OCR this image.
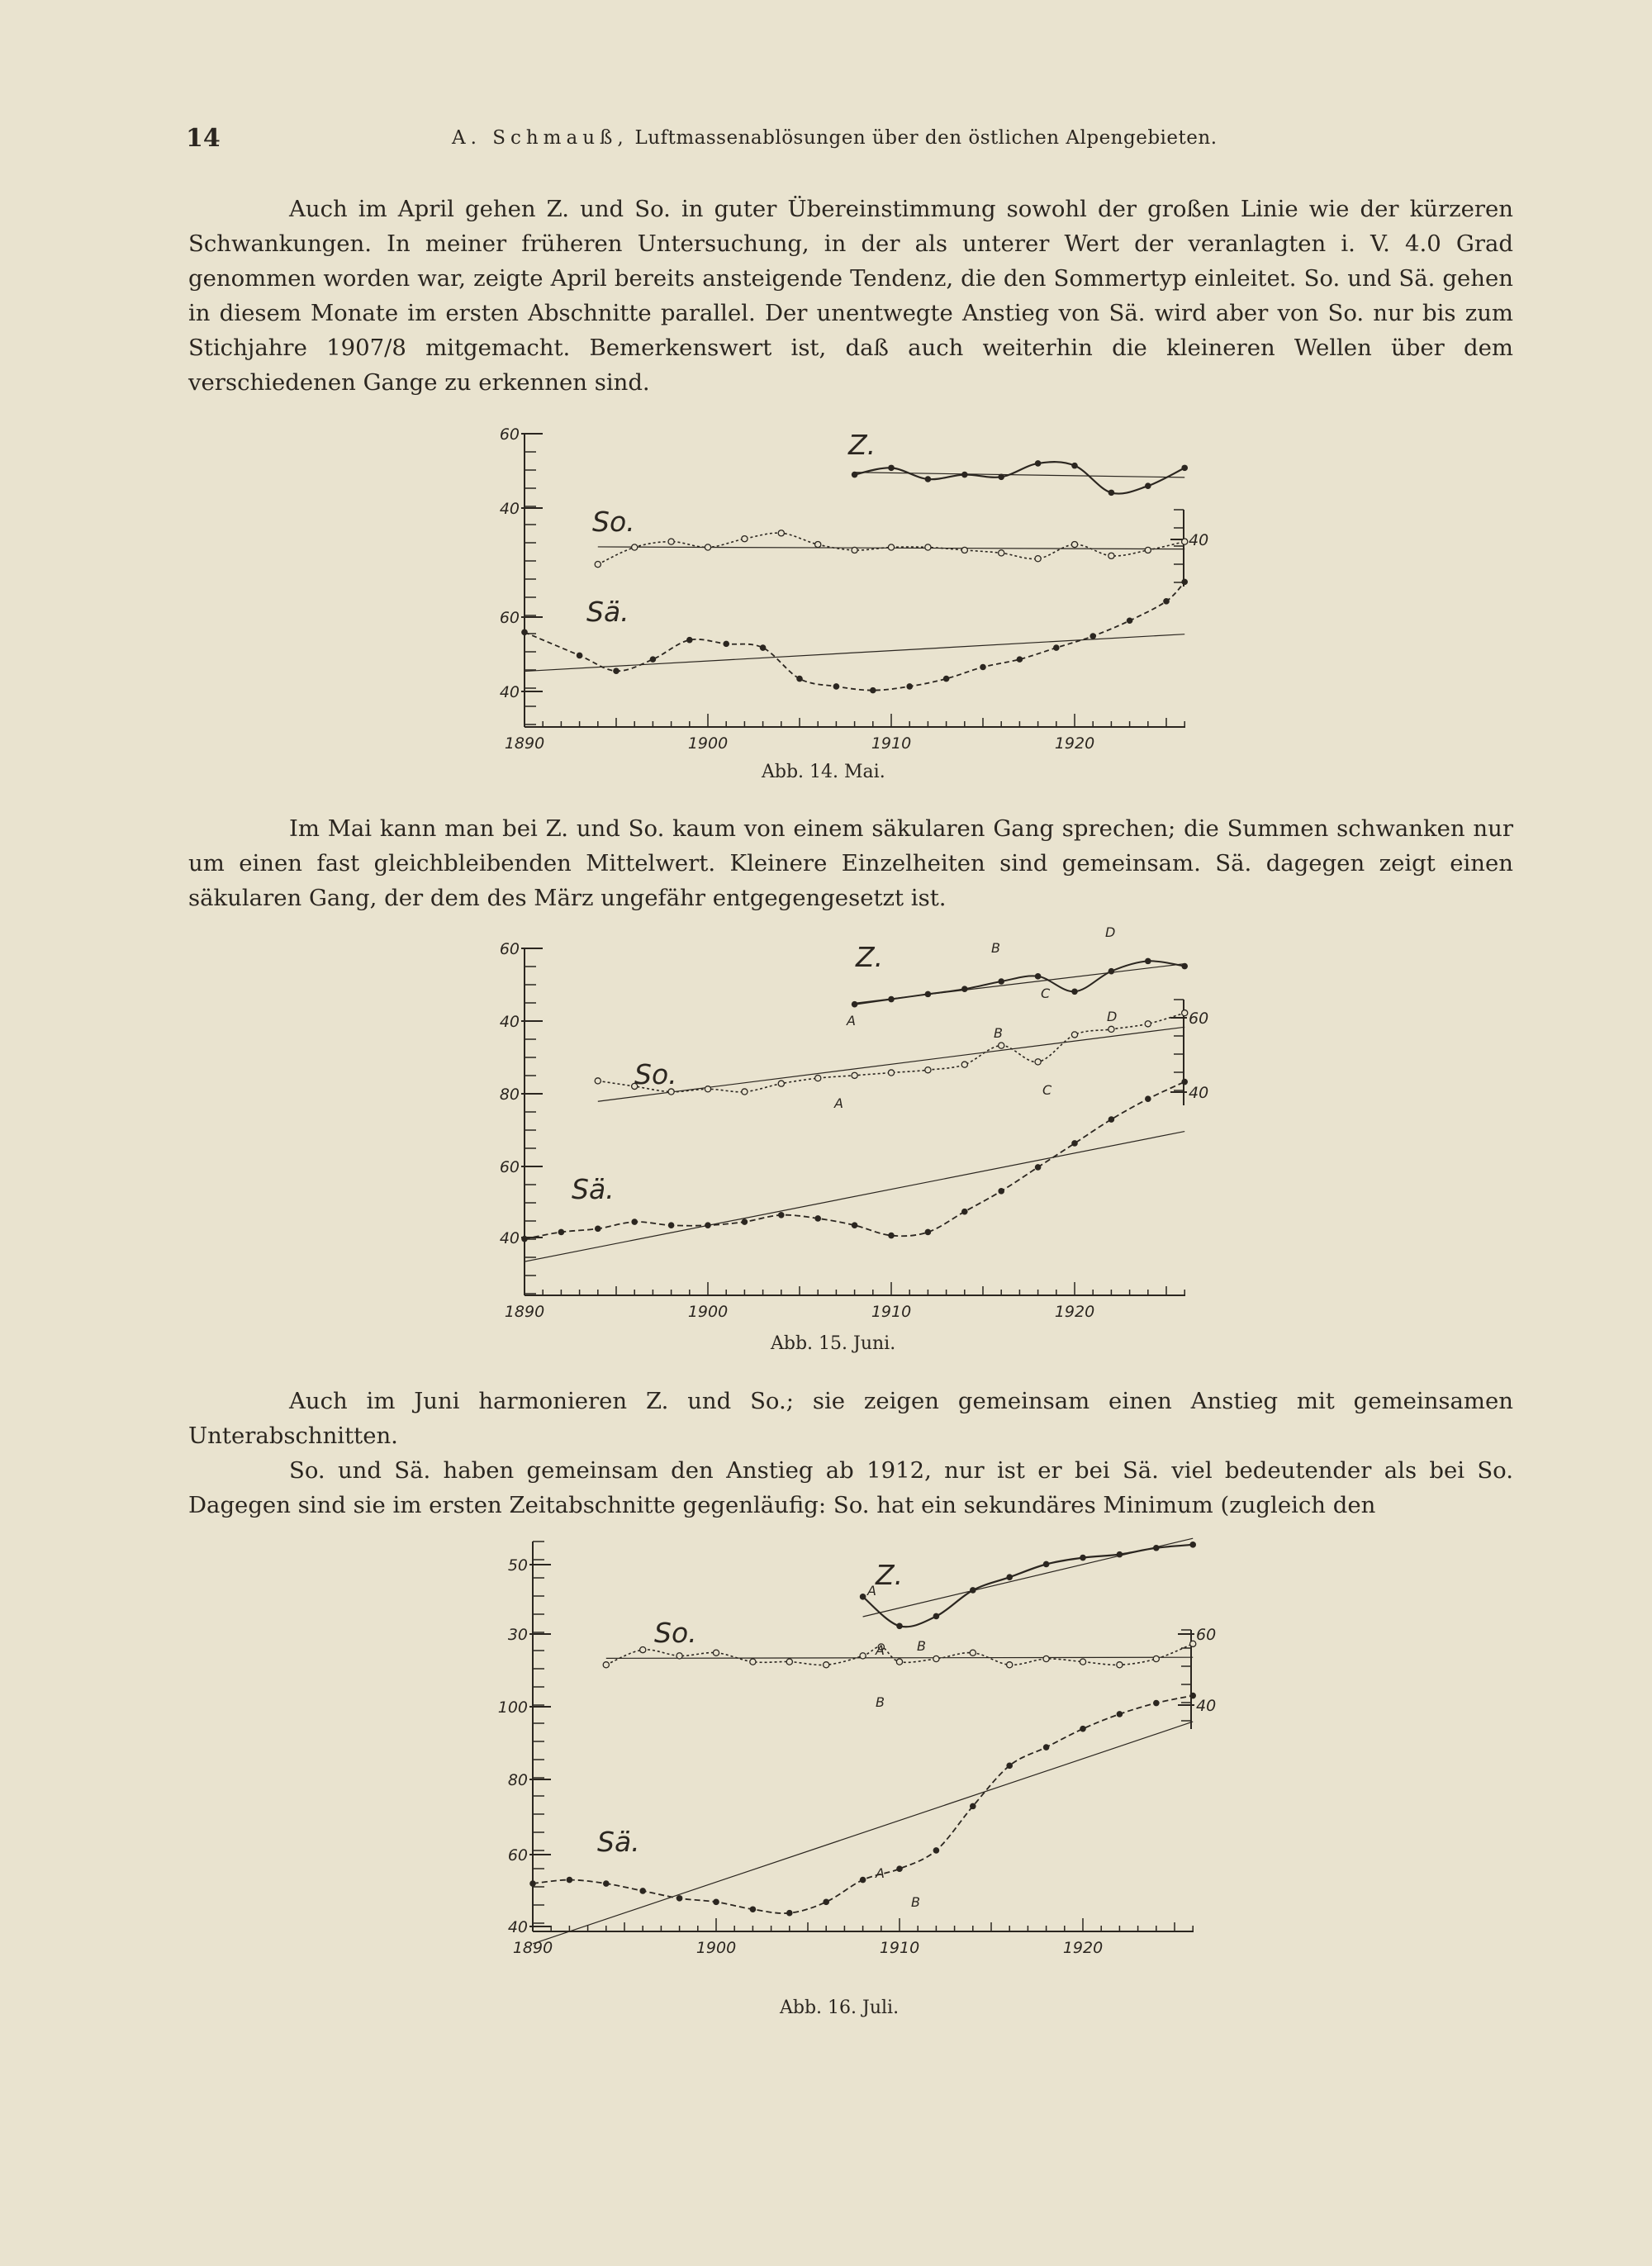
14	A. Schmauß, Luftmassenablösungen über den östlichen Alpengebieten.

Auch im April gehen Z. und So. in guter Übereinstimmung sowohl der großen Linie wie der kürzeren Schwankungen. In meiner früheren Untersuchung, in der als unterer Wert der veranlagten i. V. 4.0 Grad genommen worden war, zeigte April bereits ansteigende Tendenz, die den Sommertyp einleitet. So. und Sä. gehen in diesem Monate im ersten Abschnitte parallel. Der unentwegte Anstieg von Sä. wird aber von So. nur bis zum Stichjahre 1907/8 mitgemacht. Bemerkenswert ist, daß auch weiterhin die kleineren Wellen über dem verschiedenen Gange zu erkennen sind.

60
40
60
40
1890	1900	1910	1920
40
Z.
So.
Sä.
Abb. 14. Mai.

Im Mai kann man bei Z. und So. kaum von einem säkularen Gang sprechen; die Summen schwanken nur um einen fast gleichbleibenden Mittelwert. Kleinere Einzelheiten sind gemeinsam. Sä. dagegen zeigt einen säkularen Gang, der dem des März ungefähr entgegengesetzt ist.

60
40
80
60
40
1890	1900	1910	1920
60
40
Z.
So.
Sä.
A
B
C
D
A
B
C
D
Abb. 15. Juni.

Auch im Juni harmonieren Z. und So.; sie zeigen gemeinsam einen Anstieg mit gemeinsamen Unterabschnitten.

So. und Sä. haben gemeinsam den Anstieg ab 1912, nur ist er bei Sä. viel bedeutender als bei So. Dagegen sind sie im ersten Zeitabschnitte gegenläufig: So. hat ein sekundäres Minimum (zugleich den

50
30
100
80
60
40
1890	1900	1910	1920
60
40
Z.
So.
Sä.
A
B
A
B
A
B
Abb. 16. Juli.
